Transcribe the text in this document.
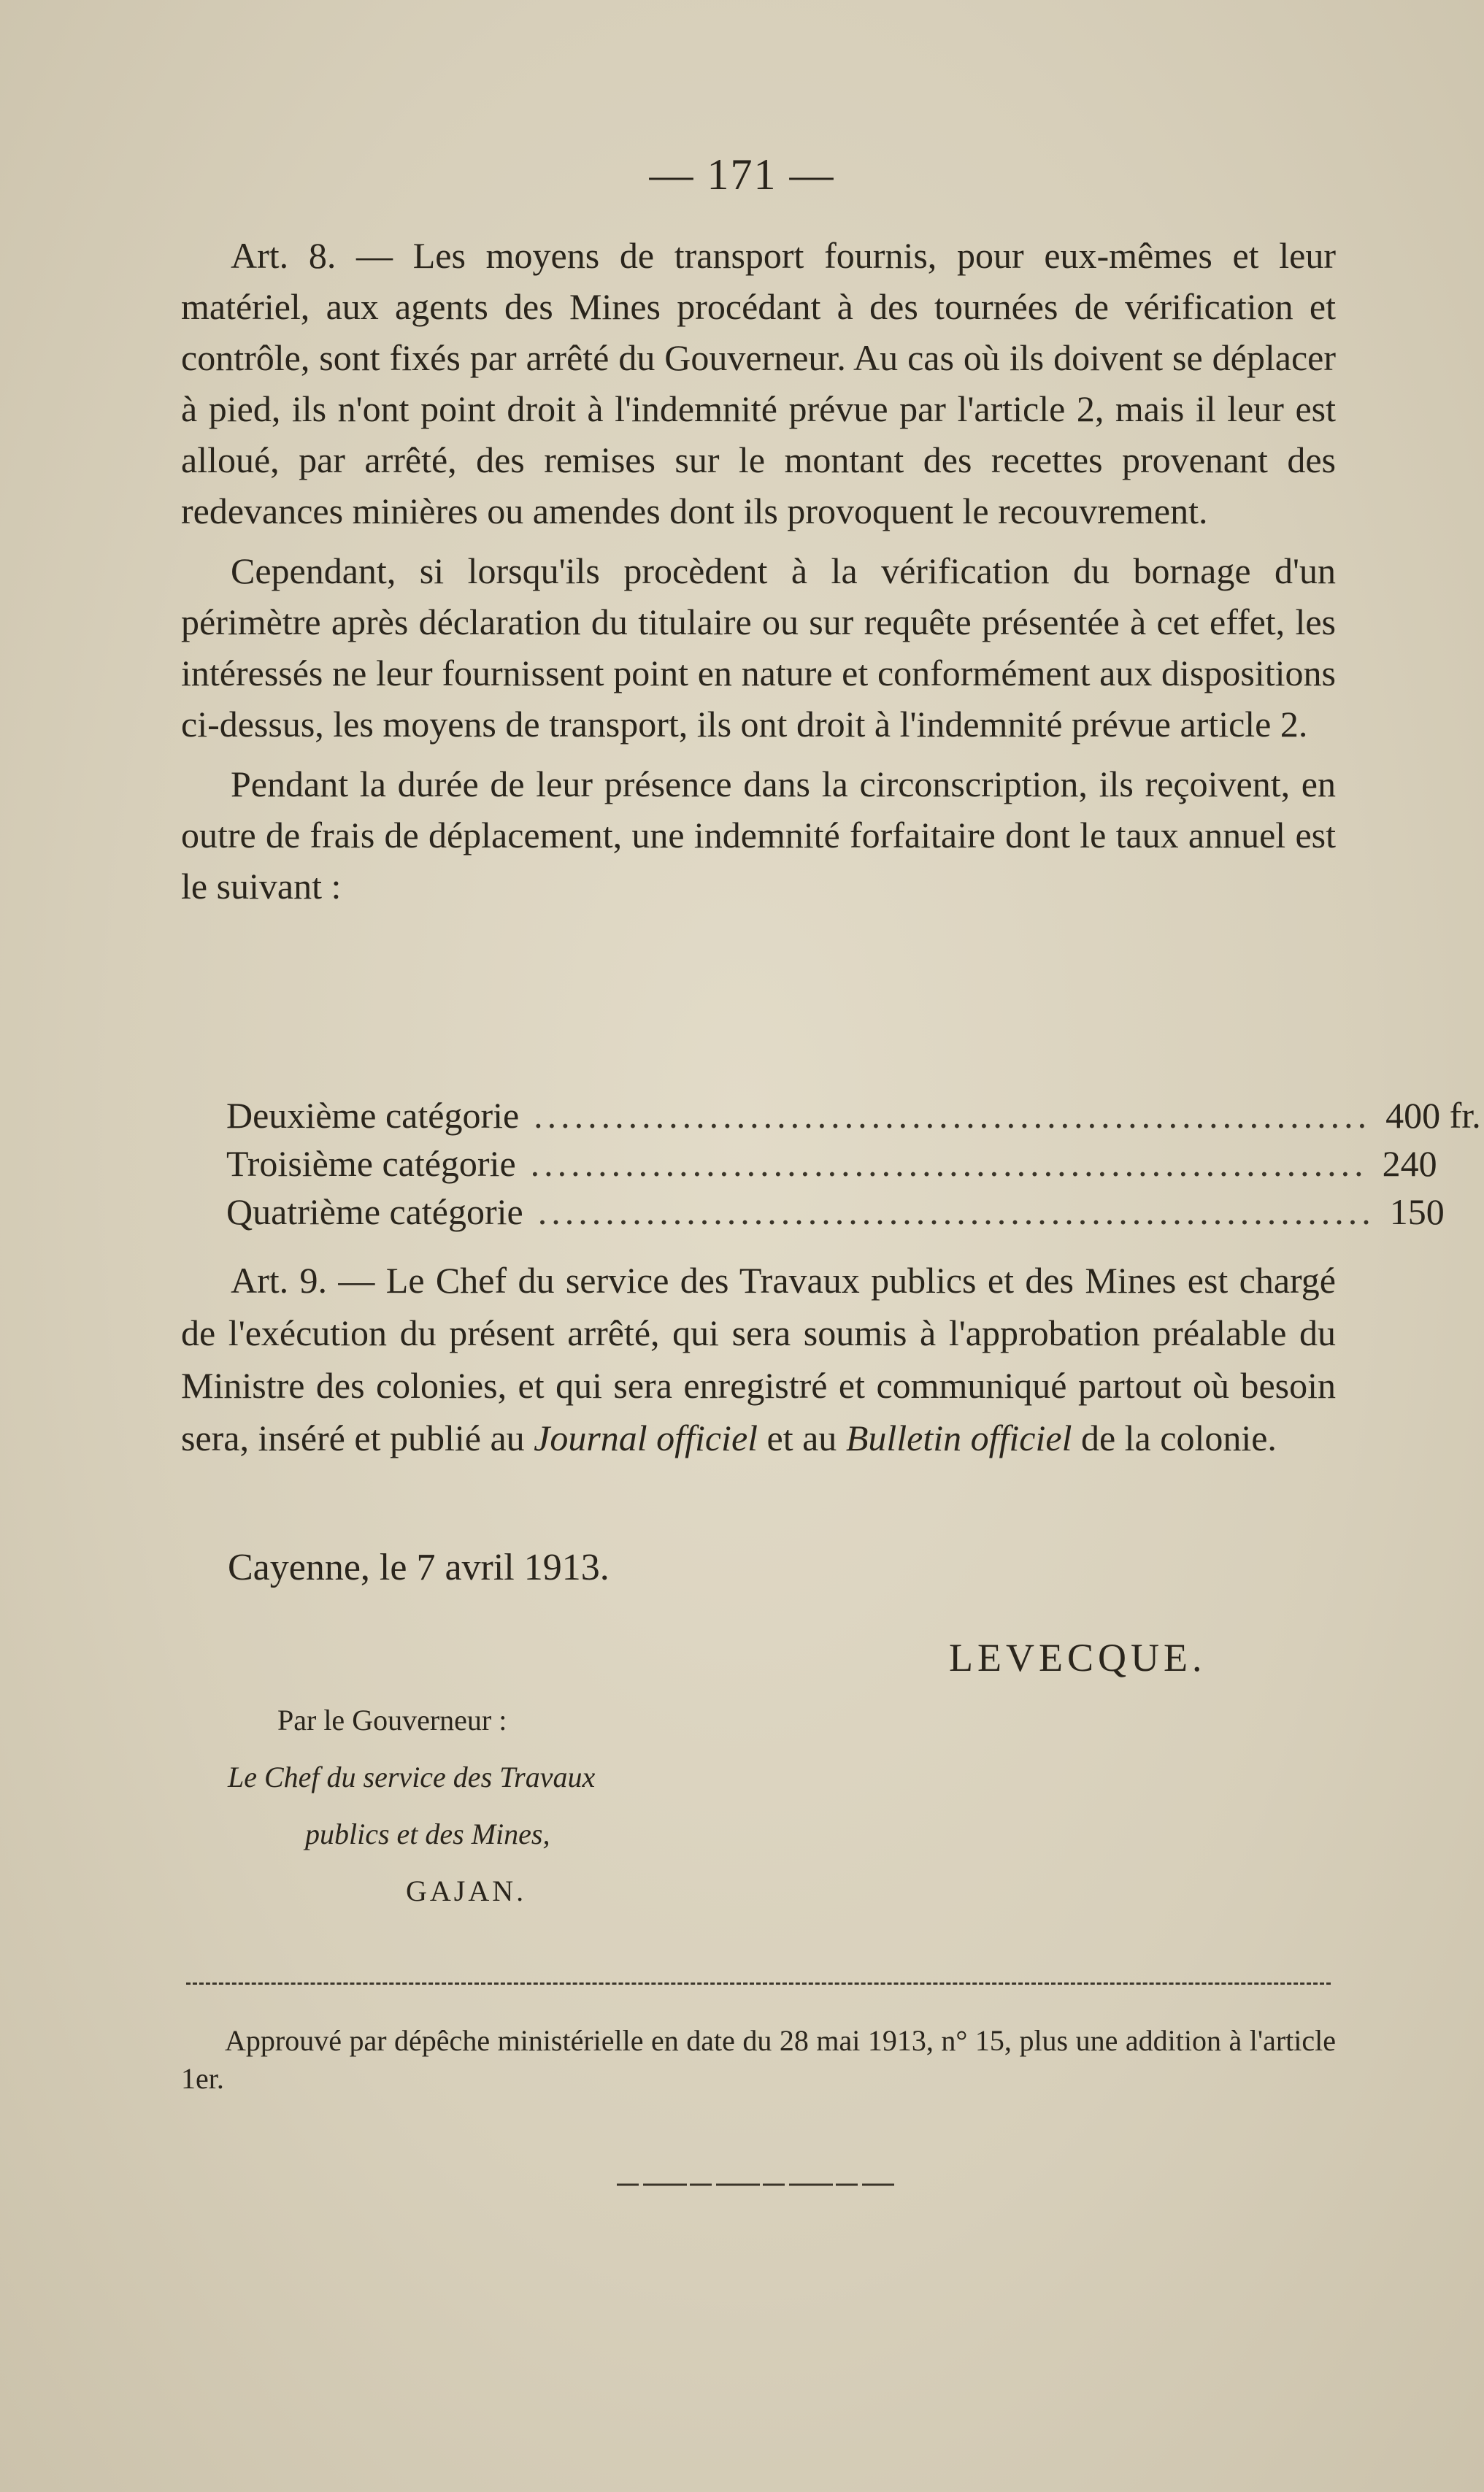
— 171 —

Art. 8. — Les moyens de transport fournis, pour eux-mêmes et leur matériel, aux agents des Mines procédant à des tournées de vérification et contrôle, sont fixés par arrêté du Gouverneur. Au cas où ils doivent se déplacer à pied, ils n'ont point droit à l'indemnité prévue par l'article 2, mais il leur est alloué, par arrêté, des remises sur le montant des recettes provenant des redevances minières ou amendes dont ils provoquent le recouvrement.

Cependant, si lorsqu'ils procèdent à la vérification du bornage d'un périmètre après déclaration du titulaire ou sur requête présentée à cet effet, les intéressés ne leur fournissent point en nature et conformément aux dispositions ci-dessus, les moyens de transport, ils ont droit à l'indemnité prévue article 2.

Pendant la durée de leur présence dans la circonscription, ils reçoivent, en outre de frais de déplacement, une indemnité forfaitaire dont le taux annuel est le suivant :

Deuxième catégorie .............................................................. 400 fr.
Troisième catégorie .............................................................. 240
Quatrième catégorie .............................................................. 150

Art. 9. — Le Chef du service des Travaux publics et des Mines est chargé de l'exécution du présent arrêté, qui sera soumis à l'approbation préalable du Ministre des colonies, et qui sera enregistré et communiqué partout où besoin sera, inséré et publié au Journal officiel et au Bulletin officiel de la colonie.

Cayenne, le 7 avril 1913.
LEVECQUE.
Par le Gouverneur :
Le Chef du service des Travaux
publics et des Mines,
GAJAN.

Approuvé par dépêche ministérielle en date du 28 mai 1913, n° 15, plus une addition à l'article 1er.
